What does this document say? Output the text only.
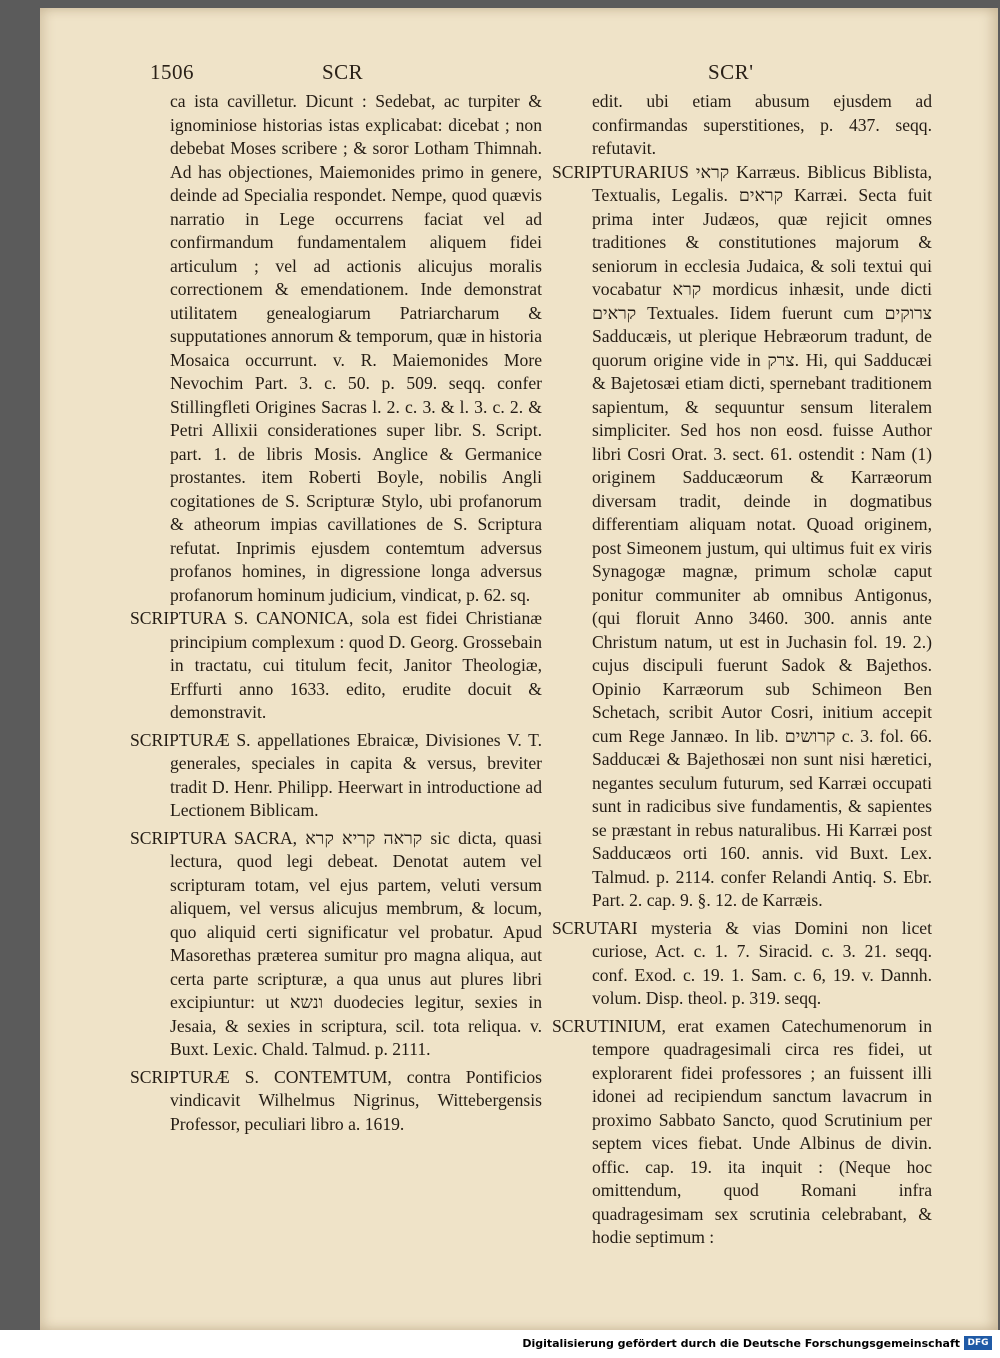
1506	SCR	SCR'

ca ista cavilletur. Dicunt : Sedebat, ac turpiter & ignominiose historias istas explicabat: dicebat ; non debebat Moses scribere ; & soror Lotham Thimnah. Ad has objectiones, Maiemonides primo in genere, deinde ad Specialia respondet. Nempe, quod quævis narratio in Lege occurrens faciat vel ad confirmandum fundamentalem aliquem fidei articulum ; vel ad actionis alicujus moralis correctionem & emendationem. Inde demonstrat utilitatem genealogiarum Patriarcharum & supputationes annorum & temporum, quæ in historia Mosaica occurrunt. v. R. Maiemonides More Nevochim Part. 3. c. 50. p. 509. seqq. confer Stillingfleti Origines Sacras l. 2. c. 3. & l. 3. c. 2. & Petri Allixii considerationes super libr. S. Script. part. 1. de libris Mosis. Anglice & Germanice prostantes. item Roberti Boyle, nobilis Angli cogitationes de S. Scripturæ Stylo, ubi profanorum & atheorum impias cavillationes de S. Scriptura refutat. Inprimis ejusdem contemtum adversus profanos homines, in digressione longa adversus profanorum hominum judicium, vindicat, p. 62. sq.

SCRIPTURA S. CANONICA, sola est fidei Christianæ principium complexum : quod D. Georg. Grossebain in tractatu, cui titulum fecit, Janitor Theologiæ, Erffurti anno 1633. edito, erudite docuit & demonstravit.

SCRIPTURÆ S. appellationes Ebraicæ, Divisiones V. T. generales, speciales in capita & versus, breviter tradit D. Henr. Philipp. Heerwart in introductione ad Lectionem Biblicam.

SCRIPTURA SACRA, קראה קריא קרא sic dicta, quasi lectura, quod legi debeat. Denotat autem vel scripturam totam, vel ejus partem, veluti versum aliquem, vel versus alicujus membrum, & locum, quo aliquid certi significatur vel probatur. Apud Masorethas præterea sumitur pro magna aliqua, aut certa parte scripturæ, a qua unus aut plures libri excipiuntur: ut ונשא duodecies legitur, sexies in Jesaia, & sexies in scriptura, scil. tota reliqua. v. Buxt. Lexic. Chald. Talmud. p. 2111.

SCRIPTURÆ S. CONTEMTUM, contra Pontificios vindicavit Wilhelmus Nigrinus, Wittebergensis Professor, peculiari libro a. 1619.

edit. ubi etiam abusum ejusdem ad confirmandas superstitiones, p. 437. seqq. refutavit.

SCRIPTURARIUS קראי Karræus. Biblicus Biblista, Textualis, Legalis. קראים Karræi. Secta fuit prima inter Judæos, quæ rejicit omnes traditiones & constitutiones majorum & seniorum in ecclesia Judaica, & soli textui qui vocabatur קרא mordicus inhæsit, unde dicti קראים Textuales. Iidem fuerunt cum צרוקים Sadducæis, ut plerique Hebræorum tradunt, de quorum origine vide in צרק. Hi, qui Sadducæi & Bajetosæi etiam dicti, spernebant traditionem sapientum, & sequuntur sensum literalem simpliciter. Sed hos non eosd. fuisse Author libri Cosri Orat. 3. sect. 61. ostendit : Nam (1) originem Sadducæorum & Karræorum diversam tradit, deinde in dogmatibus differentiam aliquam notat. Quoad originem, post Simeonem justum, qui ultimus fuit ex viris Synagogæ magnæ, primum scholæ caput ponitur communiter ab omnibus Antigonus, (qui floruit Anno 3460. 300. annis ante Christum natum, ut est in Juchasin fol. 19. 2.) cujus discipuli fuerunt Sadok & Bajethos. Opinio Karræorum sub Schimeon Ben Schetach, scribit Autor Cosri, initium accepit cum Rege Jannæo. In lib. קרושים c. 3. fol. 66. Sadducæi & Bajethosæi non sunt nisi hæretici, negantes seculum futurum, sed Karræi occupati sunt in radicibus sive fundamentis, & sapientes se præstant in rebus naturalibus. Hi Karræi post Sadducæos orti 160. annis. vid Buxt. Lex. Talmud. p. 2114. confer Relandi Antiq. S. Ebr. Part. 2. cap. 9. §. 12. de Karræis.

SCRUTARI mysteria & vias Domini non licet curiose, Act. c. 1. 7. Siracid. c. 3. 21. seqq. conf. Exod. c. 19. 1. Sam. c. 6, 19. v. Dannh. volum. Disp. theol. p. 319. seqq.

SCRUTINIUM, erat examen Catechumenorum in tempore quadragesimali circa res fidei, ut explorarent fidei professores ; an fuissent illi idonei ad recipiendum sanctum lavacrum in proximo Sabbato Sancto, quod Scrutinium per septem vices fiebat. Unde Albinus de divin. offic. cap. 19. ita inquit : (Neque hoc omittendum, quod Romani infra quadragesimam sex scrutinia celebrabant, & hodie septimum :

Digitalisierung gefördert durch die Deutsche Forschungsgemeinschaft DFG
